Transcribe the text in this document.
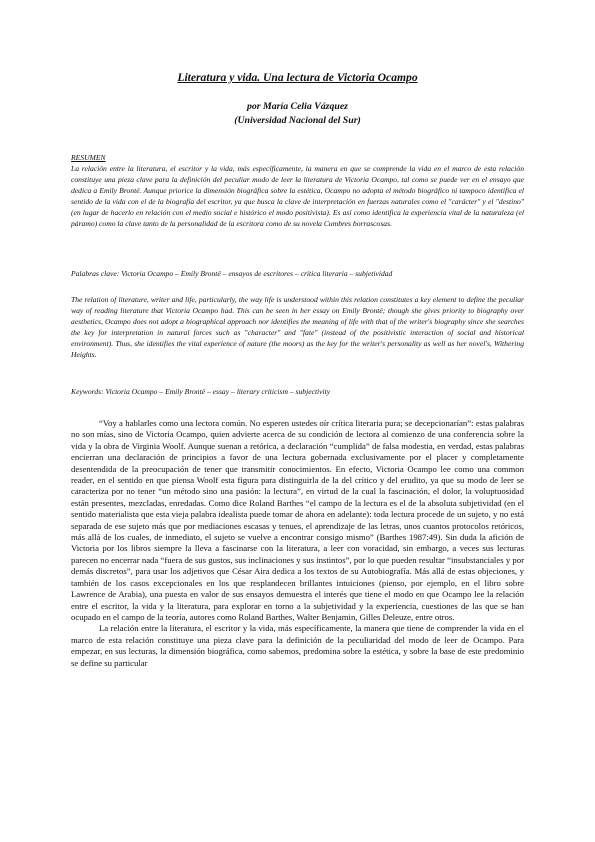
Literatura y vida. Una lectura de Victoria Ocampo
por María Celia Vázquez
(Universidad Nacional del Sur)
RESUMEN
La relación entre la literatura, el escritor y la vida, más específicamente, la manera en que se comprende la vida en el marco de esta relación constituye una pieza clave para la definición del peculiar modo de leer la literatura de Victoria Ocampo, tal como se puede ver en el ensayo que dedica a Emily Brontë. Aunque priorice la dimensión biográfica sobre la estética, Ocampo no adopta el método biográfico ni tampoco identifica el sentido de la vida con el de la biografía del escritor, ya que busca la clave de interpretación en fuerzas naturales como el "carácter" y el "destino" (en lugar de hacerlo en relación con el medio social e histórico el modo positivista). Es así como identifica la experiencia vital de la naturaleza (el páramo) como la clave tanto de la personalidad de la escritora como de su novela Cumbres borrascosas.
Palabras clave: Victoria Ocampo – Emily Brontë – ensayos de escritores – crítica literaria – subjetividad
The relation of literature, writer and life, particularly, the way life is understood within this relation constitutes a key element to define the peculiar way of reading literature that Victoria Ocampo had. This can be seen in her essay on Emily Brontë; though she gives priority to biography over aesthetics, Ocampo does not adopt a biographical approach nor identifies the meaning of life with that of the writer's biography since she searches the key for interpretation in natural forces such as "character" and "fate" (instead of the positivistic interaction of social and historical environment). Thus, she identifies the vital experience of nature (the moors) as the key for the writer's personality as well as her novel's, Withering Heights.
Keywords: Victoria Ocampo – Emily Brontë – essay – literary criticism – subjectivity

“Voy a hablarles como una lectora común. No esperen ustedes oír crítica literaria pura; se decepcionarían”: estas palabras no son mías, sino de Victoria Ocampo, quien advierte acerca de su condición de lectora al comienzo de una conferencia sobre la vida y la obra de Virginia Woolf. Aunque suenan a retórica, a declaración “cumplida” de falsa modestia, en verdad, estas palabras encierran una declaración de principios a favor de una lectura gobernada exclusivamente por el placer y completamente desentendida de la preocupación de tener que transmitir conocimientos. En efecto, Victoria Ocampo lee como una common reader, en el sentido en que piensa Woolf esta figura para distinguirla de la del crítico y del erudito, ya que su modo de leer se caracteriza por no tener “un método sino una pasión: la lectura”, en virtud de la cual la fascinación, el dolor, la voluptuosidad están presentes, mezcladas, enredadas. Como dice Roland Barthes “el campo de la lectura es el de la absoluta subjetividad (en el sentido materialista que esta vieja palabra idealista puede tomar de ahora en adelante): toda lectura procede de un sujeto, y no está separada de ese sujeto más que por mediaciones escasas y tenues, el aprendizaje de las letras, unos cuantos protocolos retóricos, más allá de los cuales, de inmediato, el sujeto se vuelve a encontrar consigo mismo” (Barthes 1987:49). Sin duda la afición de Victoria por los libros siempre la lleva a fascinarse con la literatura, a leer con voracidad, sin embargo, a veces sus lecturas parecen no encerrar nada “fuera de sus gustos, sus inclinaciones y sus instintos”, por lo que pueden resultar “insubstanciales y por demás discretos”, para usar los adjetivos que César Aira dedica a los textos de su Autobiografía. Más allá de estas objeciones, y también de los casos excepcionales en los que resplandecen brillantes intuiciones (pienso, por ejemplo, en el libro sobre Lawrence de Arabia), una puesta en valor de sus ensayos demuestra el interés que tiene el modo en que Ocampo lee la relación entre el escritor, la vida y la literatura, para explorar en torno a la subjetividad y la experiencia, cuestiones de las que se han ocupado en el campo de la teoría, autores como Roland Barthes, Walter Benjamin, Gilles Deleuze, entre otros.

La relación entre la literatura, el escritor y la vida, más específicamente, la manera que tiene de comprender la vida en el marco de esta relación constituye una pieza clave para la definición de la peculiaridad del modo de leer de Ocampo. Para empezar, en sus lecturas, la dimensión biográfica, como sabemos, predomina sobre la estética, y sobre la base de este predominio se define su particular
